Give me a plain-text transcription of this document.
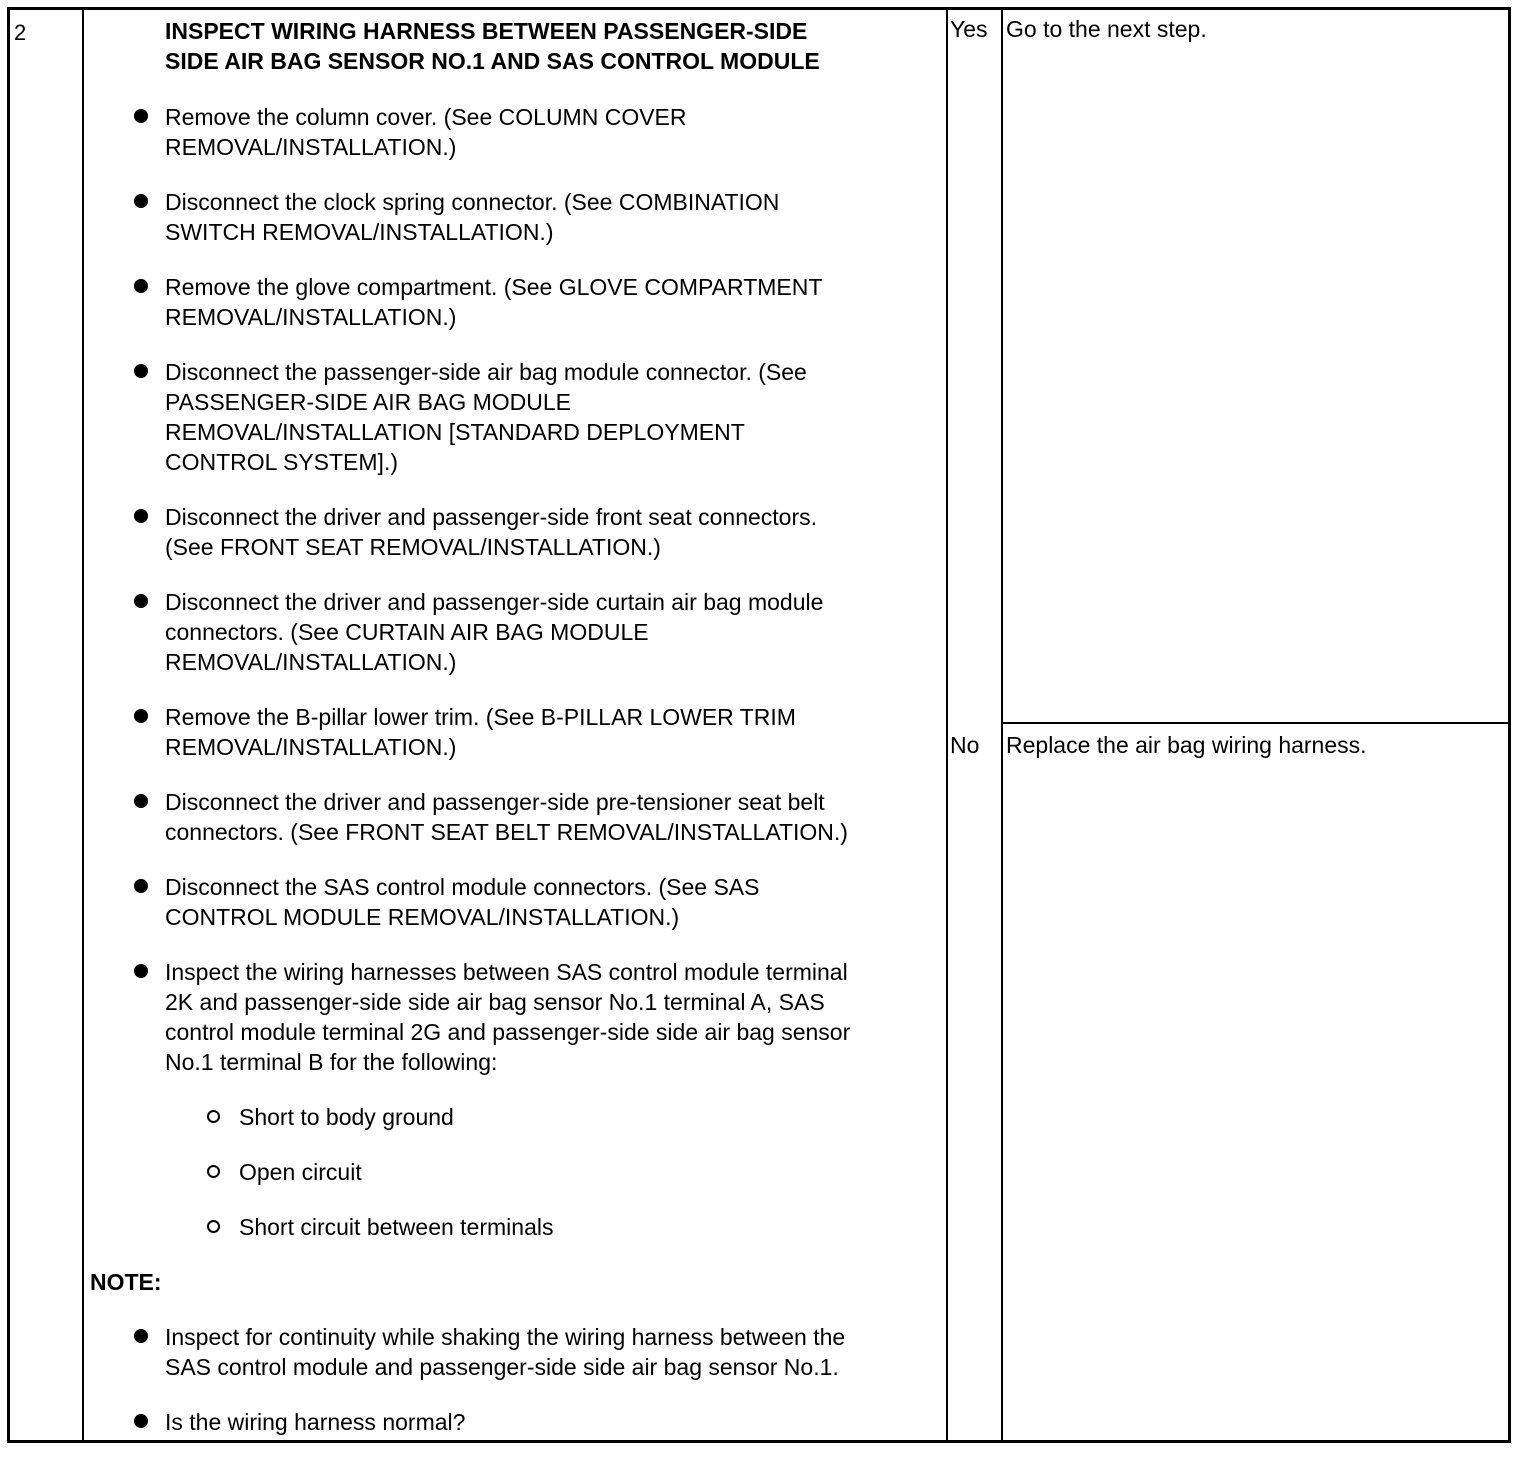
2	INSPECT WIRING HARNESS BETWEEN PASSENGER-SIDE
SIDE AIR BAG SENSOR NO.1 AND SAS CONTROL MODULE
Remove the column cover. (See COLUMN COVER
REMOVAL/INSTALLATION.)
Disconnect the clock spring connector. (See COMBINATION
SWITCH REMOVAL/INSTALLATION.)
Remove the glove compartment. (See GLOVE COMPARTMENT
REMOVAL/INSTALLATION.)
Disconnect the passenger-side air bag module connector. (See
PASSENGER-SIDE AIR BAG MODULE
REMOVAL/INSTALLATION [STANDARD DEPLOYMENT
CONTROL SYSTEM].)
Disconnect the driver and passenger-side front seat connectors.
(See FRONT SEAT REMOVAL/INSTALLATION.)
Disconnect the driver and passenger-side curtain air bag module
connectors. (See CURTAIN AIR BAG MODULE
REMOVAL/INSTALLATION.)
Remove the B-pillar lower trim. (See B-PILLAR LOWER TRIM
REMOVAL/INSTALLATION.)
Disconnect the driver and passenger-side pre-tensioner seat belt
connectors. (See FRONT SEAT BELT REMOVAL/INSTALLATION.)
Disconnect the SAS control module connectors. (See SAS
CONTROL MODULE REMOVAL/INSTALLATION.)
Inspect the wiring harnesses between SAS control module terminal
2K and passenger-side side air bag sensor No.1 terminal A, SAS
control module terminal 2G and passenger-side side air bag sensor
No.1 terminal B for the following:
Short to body ground
Open circuit
Short circuit between terminals
NOTE:
Inspect for continuity while shaking the wiring harness between the
SAS control module and passenger-side side air bag sensor No.1.
Is the wiring harness normal?
Yes Go to the next step.
No Replace the air bag wiring harness.
